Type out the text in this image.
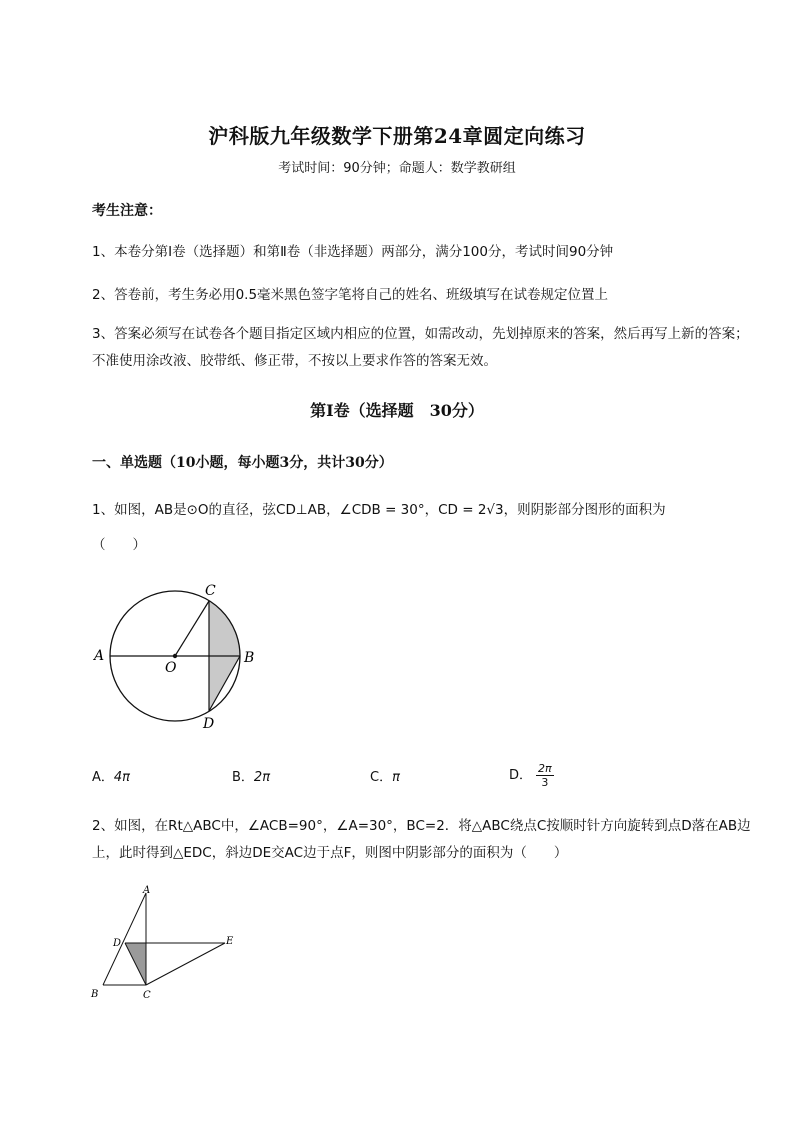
沪科版九年级数学下册第24章圆定向练习
考试时间：90分钟；命题人：数学教研组
考生注意：
1、本卷分第I卷（选择题）和第Ⅱ卷（非选择题）两部分，满分100分，考试时间90分钟
2、答卷前，考生务必用0.5毫米黑色签字笔将自己的姓名、班级填写在试卷规定位置上
3、答案必须写在试卷各个题目指定区域内相应的位置，如需改动，先划掉原来的答案，然后再写上新的答案；不准使用涂改液、胶带纸、修正带，不按以上要求作答的答案无效。
第I卷（选择题　30分）
一、单选题（10小题，每小题3分，共计30分）
1、如图，AB是⊙O的直径，弦CD⊥AB，∠CDB = 30°，CD = 2√3，则阴影部分图形的面积为
（　　）
A	B
C
D
O
A．4π	B．2π	C．π	D． $\frac{2\pi}{3}$
2、如图，在Rt△ABC中，∠ACB=90°，∠A=30°，BC=2．将△ABC绕点C按顺时针方向旋转到点D落在AB边上，此时得到△EDC，斜边DE交AC边于点F，则图中阴影部分的面积为（　　）
A
B	C
D	E
